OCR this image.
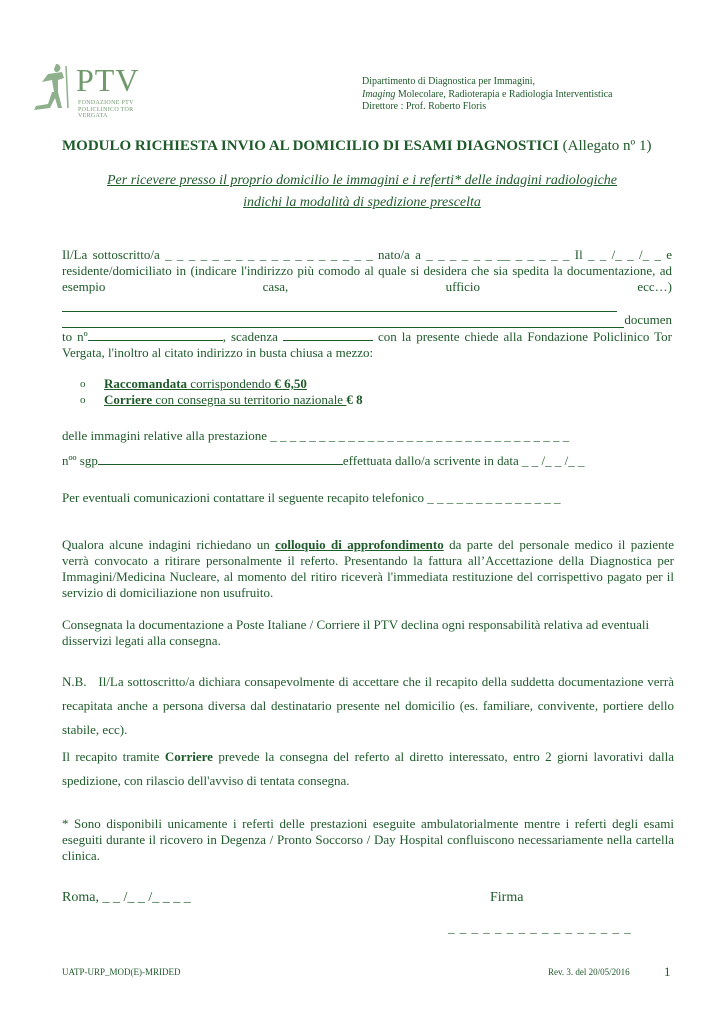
PTV
FONDAZIONE PTV
POLICLINICO TOR VERGATA
Dipartimento di Diagnostica per Immagini,
Imaging Molecolare, Radioterapia e Radiologia Interventistica
Direttore : Prof. Roberto Floris
MODULO RICHIESTA INVIO AL DOMICILIO DI ESAMI DIAGNOSTICI (Allegato nº 1)
Per ricevere presso il proprio domicilio le immagini e i referti* delle indagini radiologiche
indichi la modalità di spedizione prescelta
Il/La sottoscritto/a _ _ _ _ _ _ _ _ _ _ _ _ _ _ _ _ _ _ nato/a a _ _ _ _ _ _ __ _ _ _ _ _ Il _ _ /_ _ /_ _ e residente/domiciliato in (indicare l'indirizzo più comodo al quale si desidera che sia spedita la documentazione, ad esempio casa, ufficio ecc…)
documen
to nº	, scadenza	con la presente chiede alla Fondazione Policlinico Tor Vergata, l'inoltro al citato indirizzo in busta chiusa a mezzo:
o	Raccomandata corrispondendo € 6,50
o	Corriere con consegna su territorio nazionale € 8
delle immagini relative alla prestazione _ _ _ _ _ _ _ _ _ _ _ _ _ _ _ _ _ _ _ _ _ _ _ _ _ _ _ _ _ _ _
nºº sgp	effettuata dallo/a scrivente in data _ _ /_ _ /_ _
Per eventuali comunicazioni contattare il seguente recapito telefonico _ _ _ _ _ _ _ _ _ _ _ _ _ _
Qualora alcune indagini richiedano un colloquio di approfondimento da parte del personale medico il paziente verrà convocato a ritirare personalmente il referto. Presentando la fattura all’Accettazione della Diagnostica per Immagini/Medicina Nucleare, al momento del ritiro riceverà l'immediata restituzione del corrispettivo pagato per il servizio di domiciliazione non usufruito.
Consegnata la documentazione a Poste Italiane / Corriere il PTV declina ogni responsabilità relativa ad eventuali disservizi legati alla consegna.
N.B.   Il/La sottoscritto/a dichiara consapevolmente di accettare che il recapito della suddetta documentazione verrà recapitata anche a persona diversa dal destinatario presente nel domicilio (es. familiare, convivente, portiere dello stabile, ecc).
Il recapito tramite Corriere prevede la consegna del referto al diretto interessato, entro 2 giorni lavorativi dalla spedizione, con rilascio dell'avviso di tentata consegna.
* Sono disponibili unicamente i referti delle prestazioni eseguite ambulatorialmente mentre i referti degli esami eseguiti durante il ricovero in Degenza / Pronto Soccorso / Day Hospital confluiscono necessariamente nella cartella clinica.
Roma, _ _ /_ _ /_ _ _ _	Firma
_ _ _ _ _ _ _ _ _ _ _ _ _ _ _ _
UATP-URP_MOD(E)-MRIDED	Rev. 3. del 20/05/2016	1
